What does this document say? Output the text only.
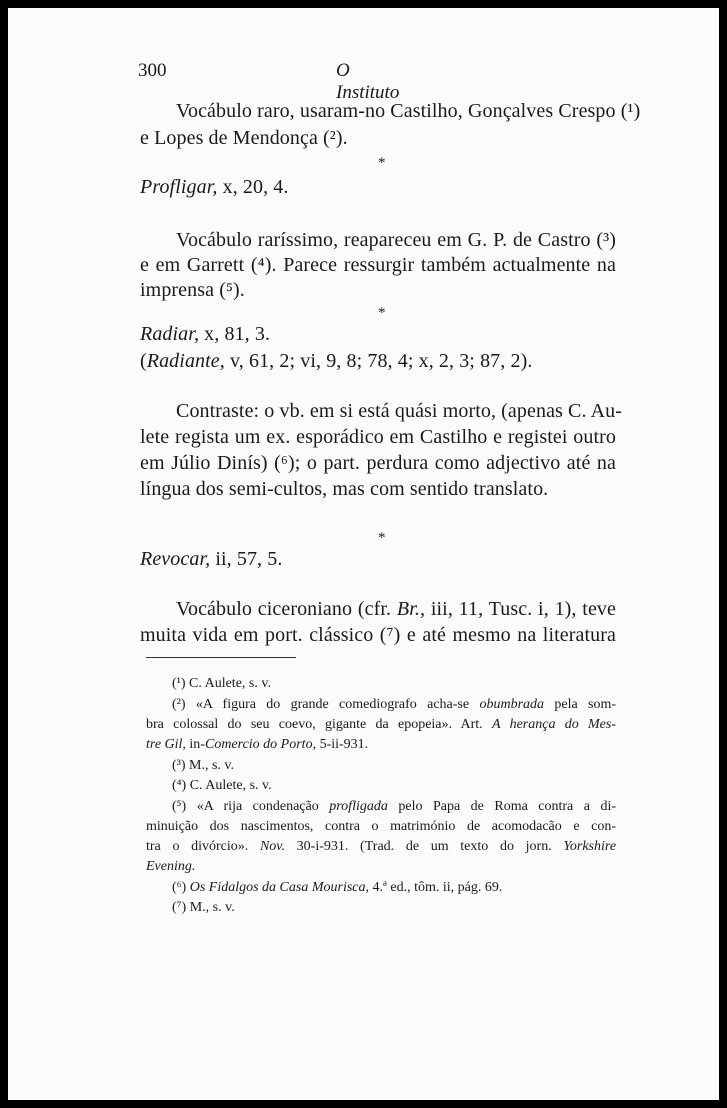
300	O Instituto
Vocábulo raro, usaram-no Castilho, Gonçalves Crespo (¹)
e Lopes de Mendonça (²).
*
Profligar, x, 20, 4.
Vocábulo raríssimo, reapareceu em G. P. de Castro (³)
e em Garrett (⁴). Parece ressurgir também actualmente na
imprensa (⁵).
*
Radiar, x, 81, 3.
(Radiante, v, 61, 2; vi, 9, 8; 78, 4; x, 2, 3; 87, 2).
Contraste: o vb. em si está quási morto, (apenas C. Au-
lete regista um ex. esporádico em Castilho e registei outro
em Júlio Dinís) (⁶); o part. perdura como adjectivo até na
língua dos semi-cultos, mas com sentido translato.
*
Revocar, ii, 57, 5.
Vocábulo ciceroniano (cfr. Br., iii, 11, Tusc. i, 1), teve
muita vida em port. clássico (⁷) e até mesmo na literatura
(¹) C. Aulete, s. v.
(²) «A figura do grande comediografo acha-se obumbrada pela som-
bra colossal do seu coevo, gigante da epopeia». Art. A herança do Mes-
tre Gil, in-Comercio do Porto, 5-ii-931.
(³) M., s. v.
(⁴) C. Aulete, s. v.
(⁵) «A rija condenação profligada pelo Papa de Roma contra a di-
minuição dos nascimentos, contra o matrimónio de acomodacão e con-
tra o divórcio». Nov. 30-i-931. (Trad. de um texto do jorn. Yorkshire
Evening.
(⁶) Os Fidalgos da Casa Mourisca, 4.ª ed., tôm. ii, pág. 69.
(⁷) M., s. v.
